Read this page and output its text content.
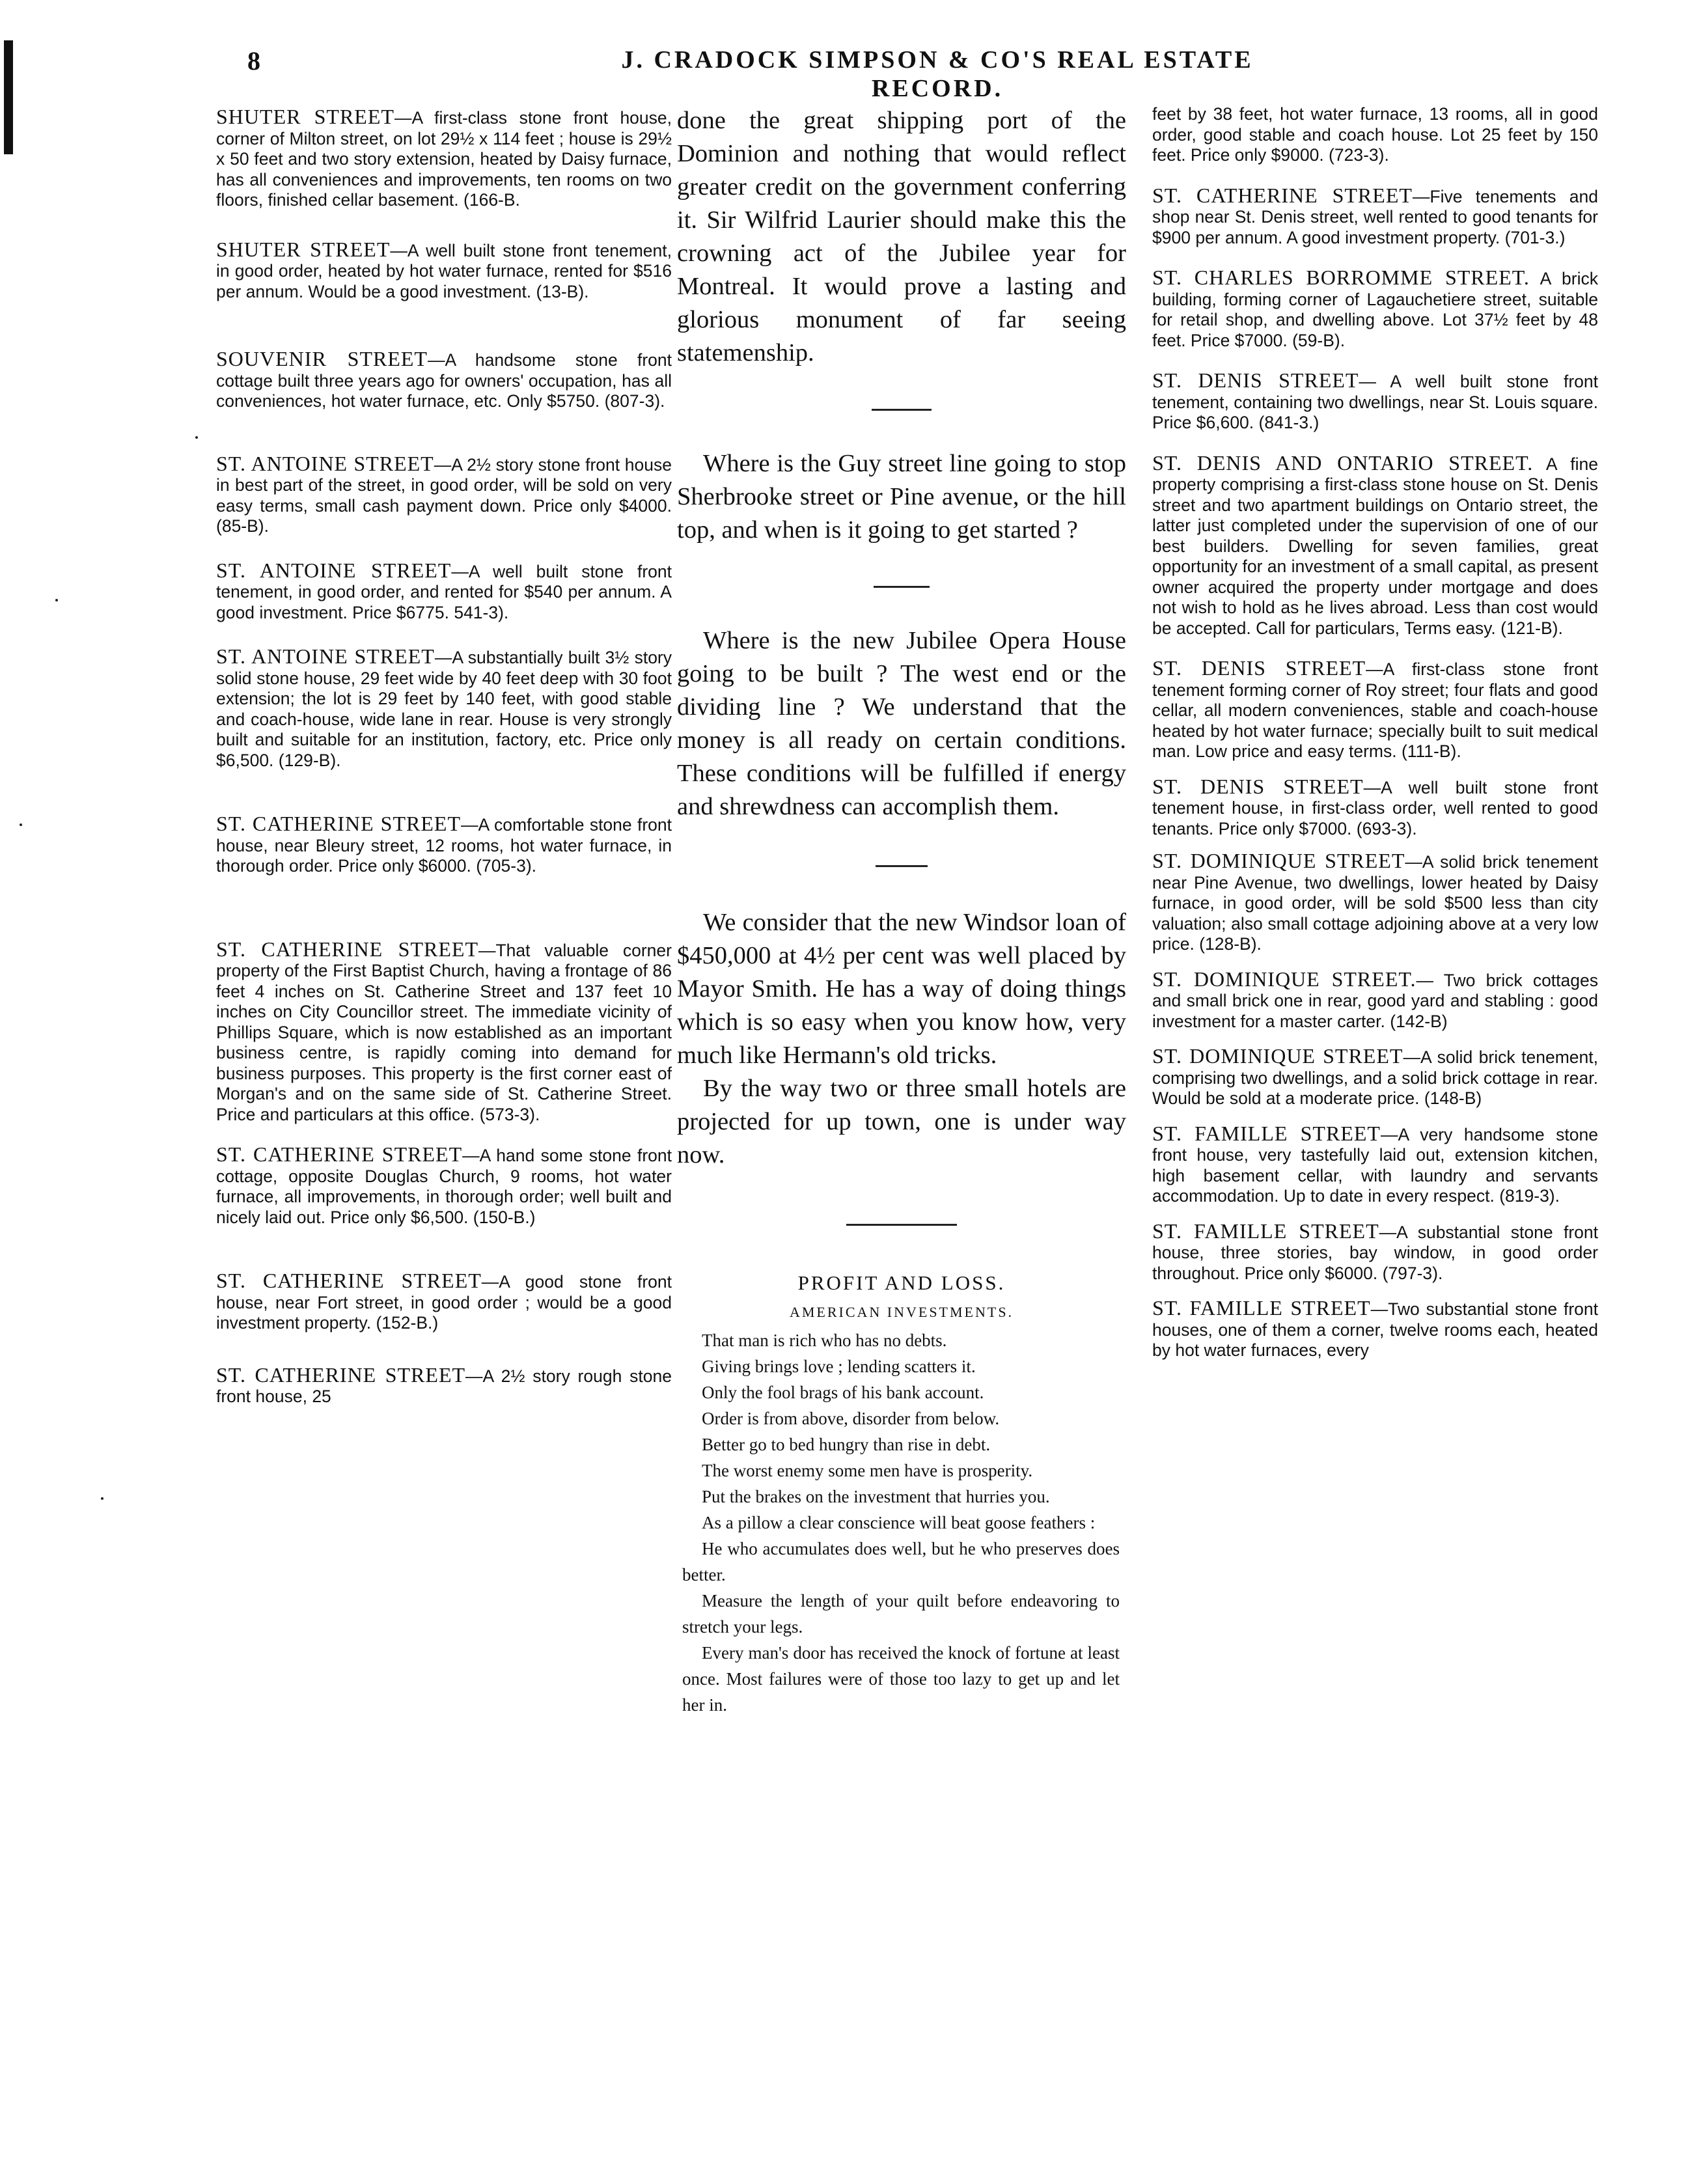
8	J. CRADOCK SIMPSON & CO'S REAL ESTATE RECORD.

SHUTER STREET—A first-class stone front house, corner of Milton street, on lot 29½ x 114 feet ; house is 29½ x 50 feet and two story extension, heated by Daisy furnace, has all conveniences and improvements, ten rooms on two floors, finished cellar basement. (166-B.

SHUTER STREET—A well built stone front tenement, in good order, heated by hot water furnace, rented for $516 per annum. Would be a good investment. (13-B).

SOUVENIR STREET—A handsome stone front cottage built three years ago for owners' occupation, has all conveniences, hot water furnace, etc. Only $5750. (807-3).

ST. ANTOINE STREET—A 2½ story stone front house in best part of the street, in good order, will be sold on very easy terms, small cash payment down. Price only $4000. (85-B).

ST. ANTOINE STREET—A well built stone front tenement, in good order, and rented for $540 per annum. A good investment. Price $6775. 541-3).

ST. ANTOINE STREET—A substantially built 3½ story solid stone house, 29 feet wide by 40 feet deep with 30 foot extension; the lot is 29 feet by 140 feet, with good stable and coach-house, wide lane in rear. House is very strongly built and suitable for an institution, factory, etc. Price only $6,500. (129-B).

ST. CATHERINE STREET—A comfortable stone front house, near Bleury street, 12 rooms, hot water furnace, in thorough order. Price only $6000. (705-3).

ST. CATHERINE STREET—That valuable corner property of the First Baptist Church, having a frontage of 86 feet 4 inches on St. Catherine Street and 137 feet 10 inches on City Councillor street. The immediate vicinity of Phillips Square, which is now established as an important business centre, is rapidly coming into demand for business purposes. This property is the first corner east of Morgan's and on the same side of St. Catherine Street. Price and particulars at this office. (573-3).

ST. CATHERINE STREET—A hand some stone front cottage, opposite Douglas Church, 9 rooms, hot water furnace, all improvements, in thorough order; well built and nicely laid out. Price only $6,500. (150-B.)

ST. CATHERINE STREET—A good stone front house, near Fort street, in good order ; would be a good investment property. (152-B.)

ST. CATHERINE STREET—A 2½ story rough stone front house, 25

done the great shipping port of the Dominion and nothing that would reflect greater credit on the government conferring it. Sir Wilfrid Laurier should make this the crowning act of the Jubilee year for Montreal. It would prove a lasting and glorious monument of far seeing statemenship.

Where is the Guy street line going to stop Sherbrooke street or Pine avenue, or the hill top, and when is it going to get started ?

Where is the new Jubilee Opera House going to be built ? The west end or the dividing line ? We understand that the money is all ready on certain conditions. These conditions will be fulfilled if energy and shrewdness can accomplish them.

We consider that the new Windsor loan of $450,000 at 4½ per cent was well placed by Mayor Smith. He has a way of doing things which is so easy when you know how, very much like Hermann's old tricks.

By the way two or three small hotels are projected for up town, one is under way now.

PROFIT AND LOSS.

AMERICAN INVESTMENTS.

That man is rich who has no debts.

Giving brings love ; lending scatters it.

Only the fool brags of his bank account.

Order is from above, disorder from below.

Better go to bed hungry than rise in debt.

The worst enemy some men have is prosperity.

Put the brakes on the investment that hurries you.

As a pillow a clear conscience will beat goose feathers :

He who accumulates does well, but he who preserves does better.

Measure the length of your quilt before endeavoring to stretch your legs.

Every man's door has received the knock of fortune at least once. Most failures were of those too lazy to get up and let her in.

feet by 38 feet, hot water furnace, 13 rooms, all in good order, good stable and coach house. Lot 25 feet by 150 feet. Price only $9000. (723-3).

ST. CATHERINE STREET—Five tenements and shop near St. Denis street, well rented to good tenants for $900 per annum. A good investment property. (701-3.)

ST. CHARLES BORROMME STREET. A brick building, forming corner of Lagauchetiere street, suitable for retail shop, and dwelling above. Lot 37½ feet by 48 feet. Price $7000. (59-B).

ST. DENIS STREET— A well built stone front tenement, containing two dwellings, near St. Louis square. Price $6,600. (841-3.)

ST. DENIS AND ONTARIO STREET. A fine property comprising a first-class stone house on St. Denis street and two apartment buildings on Ontario street, the latter just completed under the supervision of one of our best builders. Dwelling for seven families, great opportunity for an investment of a small capital, as present owner acquired the property under mortgage and does not wish to hold as he lives abroad. Less than cost would be accepted. Call for particulars, Terms easy. (121-B).

ST. DENIS STREET—A first-class stone front tenement forming corner of Roy street; four flats and good cellar, all modern conveniences, stable and coach-house heated by hot water furnace; specially built to suit medical man. Low price and easy terms. (111-B).

ST. DENIS STREET—A well built stone front tenement house, in first-class order, well rented to good tenants. Price only $7000. (693-3).

ST. DOMINIQUE STREET—A solid brick tenement near Pine Avenue, two dwellings, lower heated by Daisy furnace, in good order, will be sold $500 less than city valuation; also small cottage adjoining above at a very low price. (128-B).

ST. DOMINIQUE STREET.— Two brick cottages and small brick one in rear, good yard and stabling : good investment for a master carter. (142-B)

ST. DOMINIQUE STREET—A solid brick tenement, comprising two dwellings, and a solid brick cottage in rear. Would be sold at a moderate price. (148-B)

ST. FAMILLE STREET—A very handsome stone front house, very tastefully laid out, extension kitchen, high basement cellar, with laundry and servants accommodation. Up to date in every respect. (819-3).

ST. FAMILLE STREET—A substantial stone front house, three stories, bay window, in good order throughout. Price only $6000. (797-3).

ST. FAMILLE STREET—Two substantial stone front houses, one of them a corner, twelve rooms each, heated by hot water furnaces, every
